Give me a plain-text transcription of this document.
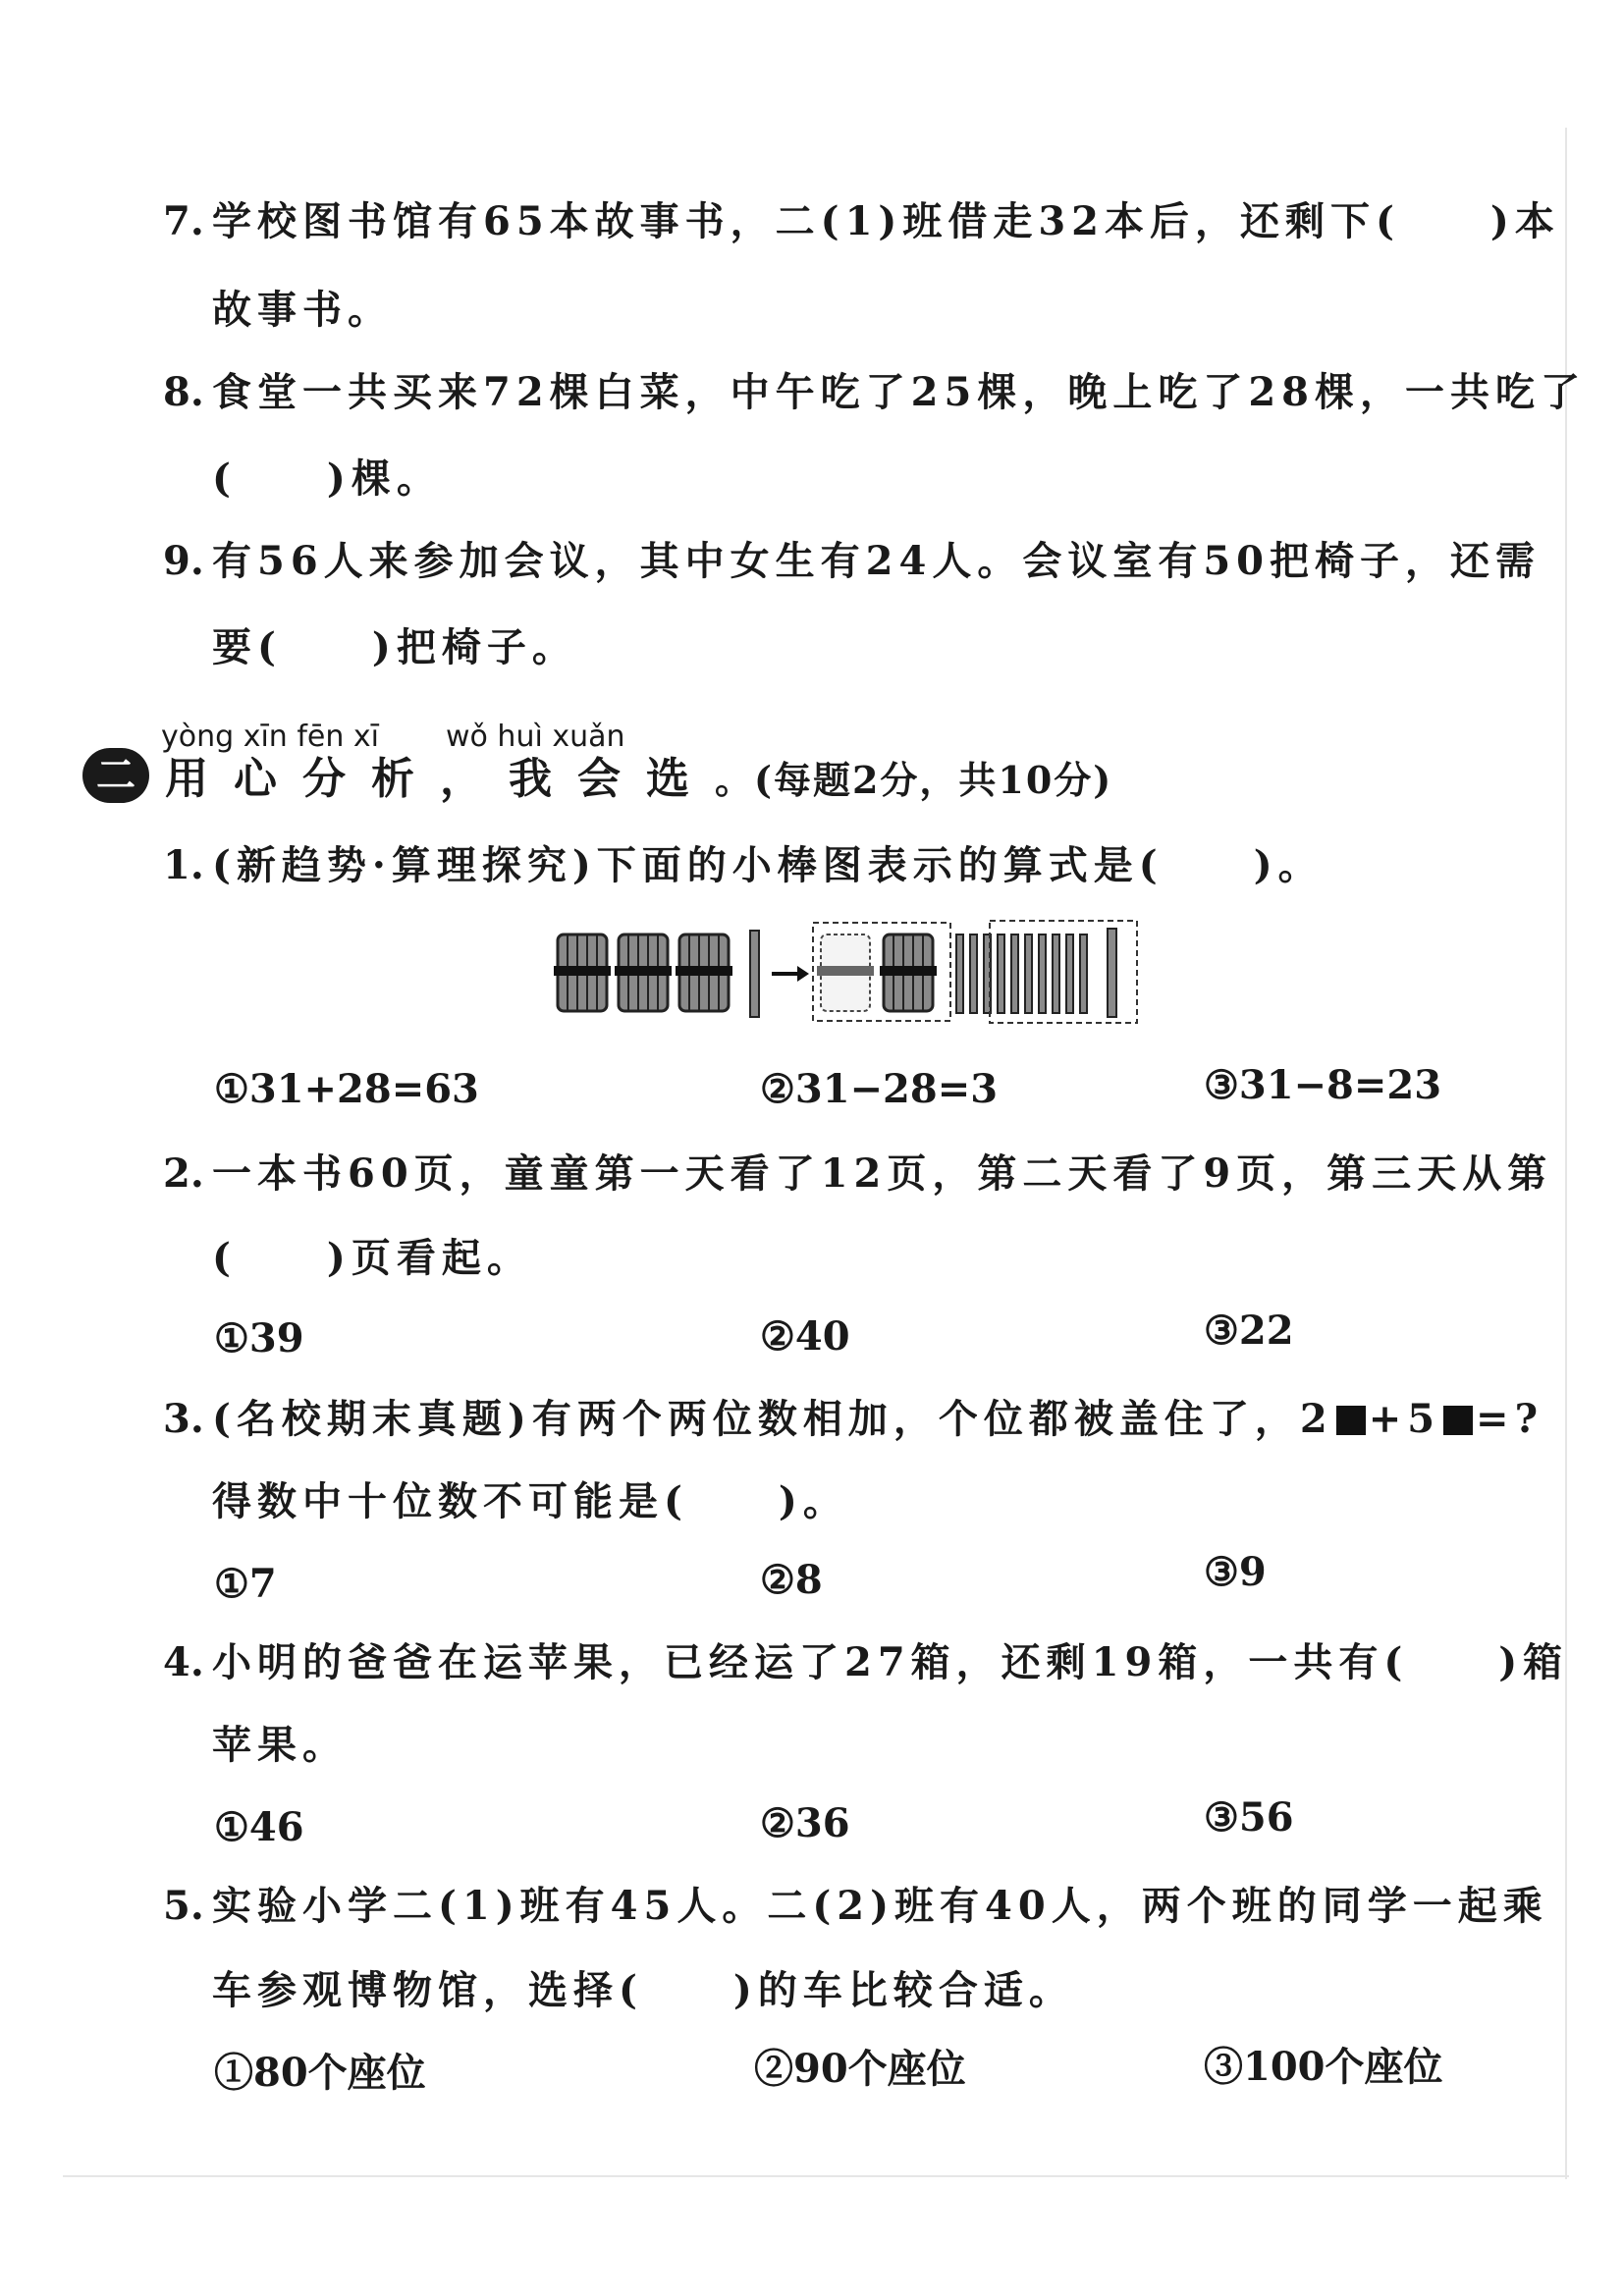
7. 学校图书馆有65本故事书，二(1)班借走32本后，还剩下(　　)本
故事书。
8. 食堂一共买来72棵白菜，中午吃了25棵，晚上吃了28棵，一共吃了
(　　)棵。
9. 有56人来参加会议，其中女生有24人。会议室有50把椅子，还需
要(　　)把椅子。
二
yòng xīn fēn xī wǒ huì xuǎn
用心分析，我会选。(每题2分，共10分)
1. (新趋势·算理探究)下面的小棒图表示的算式是(　　)。
①31+28=63	②31−28=3	③31−8=23
2. 一本书60页，童童第一天看了12页，第二天看了9页，第三天从第
(　　)页看起。
①39	②40	③22
3. (名校期末真题)有两个两位数相加，个位都被盖住了，2 +5 =?
得数中十位数不可能是(　　)。
①7	②8	③9
4. 小明的爸爸在运苹果，已经运了27箱，还剩19箱，一共有(　　)箱
苹果。
①46	②36	③56
5. 实验小学二(1)班有45人。二(2)班有40人，两个班的同学一起乘
车参观博物馆，选择(　　)的车比较合适。
①80个座位	②90个座位	③100个座位
